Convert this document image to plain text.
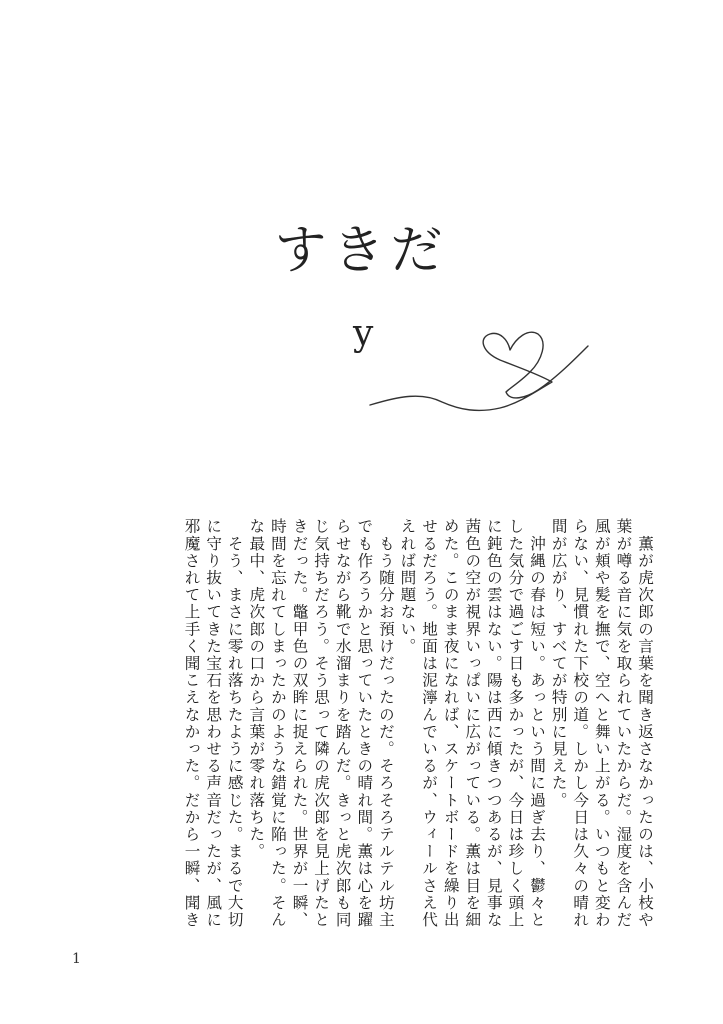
すきだ
y

　薫が虎次郎の言葉を聞き返さなかったのは、小枝や葉が噂る音に気を取られていたからだ。湿度を含んだ風が頬や髪を撫で、空へと舞い上がる。いつもと変わらない、見慣れた下校の道。しかし今日は久々の晴れ間が広がり、すべてが特別に見えた。

　沖縄の春は短い。あっという間に過ぎ去り、鬱々とした気分で過ごす日も多かったが、今日は珍しく頭上に鈍色の雲はない。陽は西に傾きつつあるが、見事な茜色の空が視界いっぱいに広がっている。薫は目を細めた。このまま夜になれば、スケートボードを繰り出せるだろう。地面は泥濘んでいるが、ウィールさえ代えれば問題ない。

　もう随分お預けだったのだ。そろそろテルテル坊主でも作ろうかと思っていたときの晴れ間。薫は心を躍らせながら靴で水溜まりを踏んだ。きっと虎次郎も同じ気持ちだろう。そう思って隣の虎次郎を見上げたときだった。鼈甲色の双眸に捉えられた。世界が一瞬、時間を忘れてしまったかのような錯覚に陥った。そんな最中、虎次郎の口から言葉が零れ落ちた。

　そう、まさに零れ落ちたように感じた。まるで大切に守り抜いてきた宝石を思わせる声音だったが、風に邪魔されて上手く聞こえなかった。だから一瞬、聞き

1
